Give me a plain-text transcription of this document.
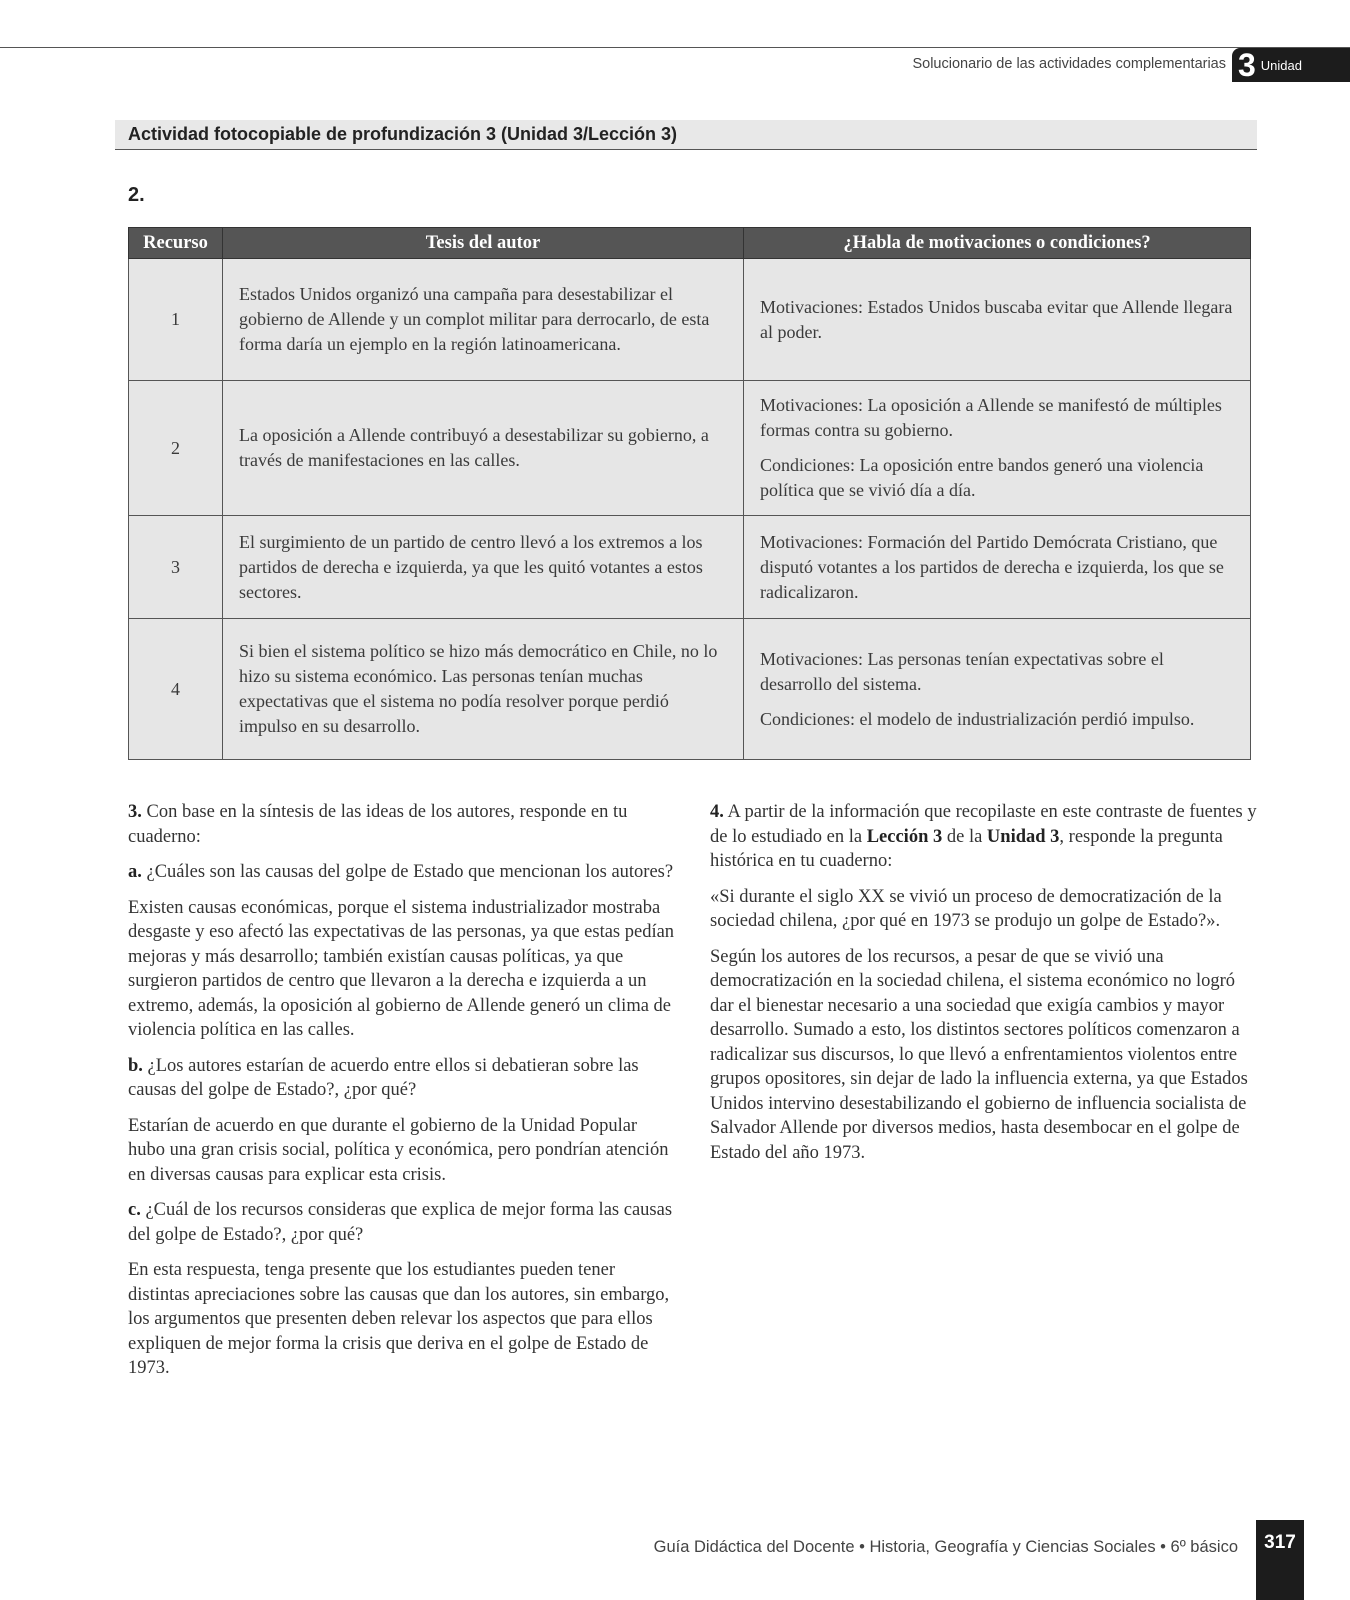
Solucionario de las actividades complementarias 3 Unidad
Actividad fotocopiable de profundización 3 (Unidad 3/Lección 3)
2.
Recurso	Tesis del autor	¿Habla de motivaciones o condiciones?
1	Estados Unidos organizó una campaña para desestabilizar el gobierno de Allende y un complot militar para derrocarlo, de esta forma daría un ejemplo en la región latinoamericana.	Motivaciones: Estados Unidos buscaba evitar que Allende llegara al poder.

2	La oposición a Allende contribuyó a desestabilizar su gobierno, a través de manifestaciones en las calles.	Motivaciones: La oposición a Allende se manifestó de múltiples formas contra su gobierno.

Condiciones: La oposición entre bandos generó una violencia política que se vivió día a día.

3	El surgimiento de un partido de centro llevó a los extremos a los partidos de derecha e izquierda, ya que les quitó votantes a estos sectores.	Motivaciones: Formación del Partido Demócrata Cristiano, que disputó votantes a los partidos de derecha e izquierda, los que se radicalizaron.

4	Si bien el sistema político se hizo más democrático en Chile, no lo hizo su sistema económico. Las personas tenían muchas expectativas que el sistema no podía resolver porque perdió impulso en su desarrollo.	Motivaciones: Las personas tenían expectativas sobre el desarrollo del sistema.

Condiciones: el modelo de industrialización perdió impulso.

3. Con base en la síntesis de las ideas de los autores, responde en tu cuaderno:

a. ¿Cuáles son las causas del golpe de Estado que mencionan los autores?

Existen causas económicas, porque el sistema industrializador mostraba desgaste y eso afectó las expectativas de las personas, ya que estas pedían mejoras y más desarrollo; también existían causas políticas, ya que surgieron partidos de centro que llevaron a la derecha e izquierda a un extremo, además, la oposición al gobierno de Allende generó un clima de violencia política en las calles.

b. ¿Los autores estarían de acuerdo entre ellos si debatieran sobre las causas del golpe de Estado?, ¿por qué?

Estarían de acuerdo en que durante el gobierno de la Unidad Popular hubo una gran crisis social, política y económica, pero pondrían atención en diversas causas para explicar esta crisis.

c. ¿Cuál de los recursos consideras que explica de mejor forma las causas del golpe de Estado?, ¿por qué?

En esta respuesta, tenga presente que los estudiantes pueden tener distintas apreciaciones sobre las causas que dan los autores, sin embargo, los argumentos que presenten deben relevar los aspectos que para ellos expliquen de mejor forma la crisis que deriva en el golpe de Estado de 1973.

4. A partir de la información que recopilaste en este contraste de fuentes y de lo estudiado en la Lección 3 de la Unidad 3, responde la pregunta histórica en tu cuaderno:

«Si durante el siglo XX se vivió un proceso de democratización de la sociedad chilena, ¿por qué en 1973 se produjo un golpe de Estado?».

Según los autores de los recursos, a pesar de que se vivió una democratización en la sociedad chilena, el sistema económico no logró dar el bienestar necesario a una sociedad que exigía cambios y mayor desarrollo. Sumado a esto, los distintos sectores políticos comenzaron a radicalizar sus discursos, lo que llevó a enfrentamientos violentos entre grupos opositores, sin dejar de lado la influencia externa, ya que Estados Unidos intervino desestabilizando el gobierno de influencia socialista de Salvador Allende por diversos medios, hasta desembocar en el golpe de Estado del año 1973.

Guía Didáctica del Docente • Historia, Geografía y Ciencias Sociales • 6º básico	317
